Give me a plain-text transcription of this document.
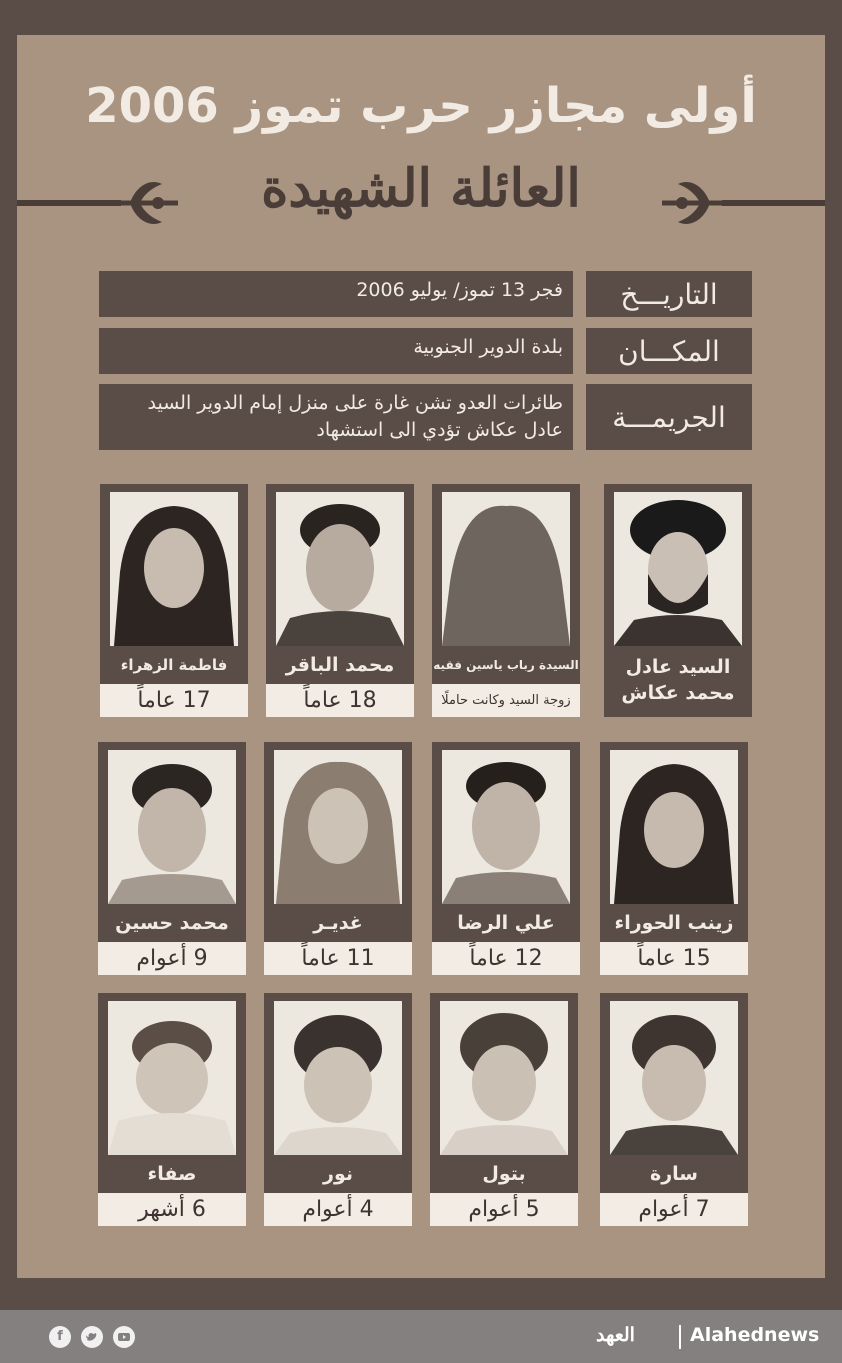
أولى مجازر حرب تموز 2006
العائلة الشهيدة
التاريـــخ
فجر 13 تموز/ يوليو 2006
المكـــان
بلدة الدوير الجنوبية
الجريمـــة
طائرات العدو تشن غارة على منزل إمام الدوير السيد عادل عكاش تؤدي الى استشهاد
السيد عادل محمد عكاش
السيدة رباب ياسين فقيه
زوجة السيد وكانت حاملًا
محمد الباقر
18 عاماً
فاطمة الزهراء
17 عاماً
زينب الحوراء
15 عاماً
علي الرضا
12 عاماً
غديـر
11 عاماً
محمد حسين
9 أعوام
سارة
7 أعوام
بتول
5 أعوام
نور
4 أعوام
صفاء
6 أشهر
f	العهد	Alahednews
